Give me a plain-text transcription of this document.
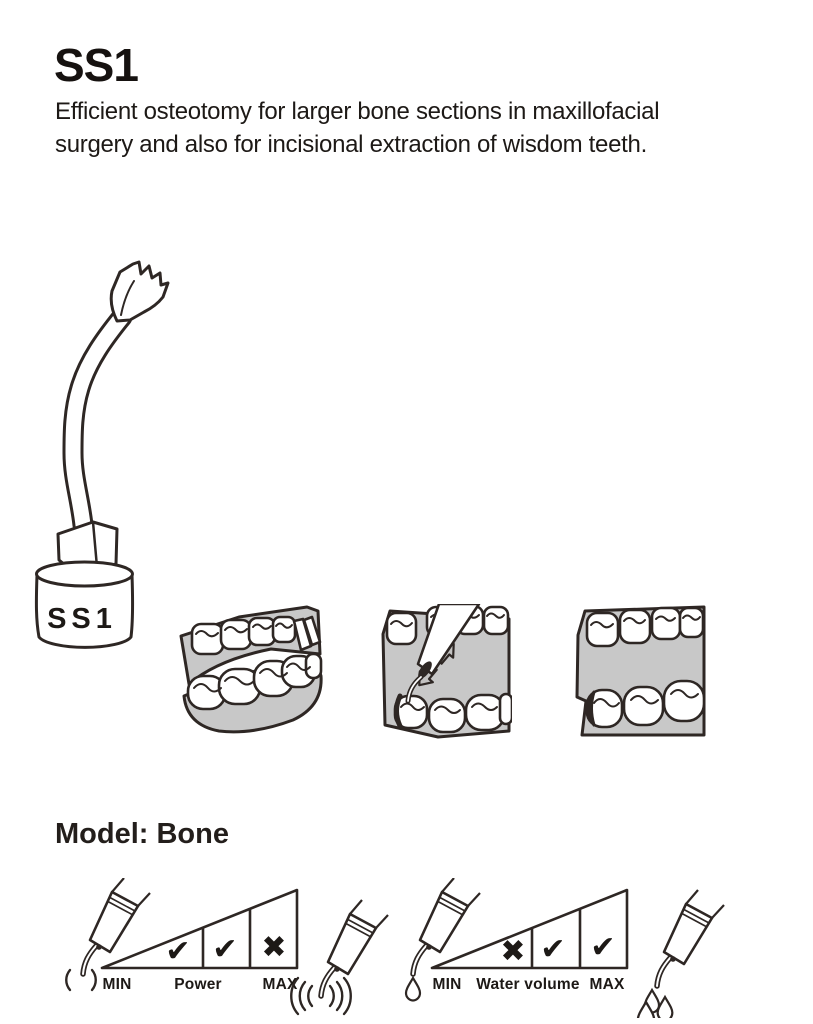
SS1
Efficient osteotomy for larger bone sections in maxillofacial
surgery and also for incisional extraction of wisdom teeth.
SS1
Model: Bone
✔ ✔ ✖
MIN	Power	MAX
✖ ✔ ✔
MIN Water volume MAX
